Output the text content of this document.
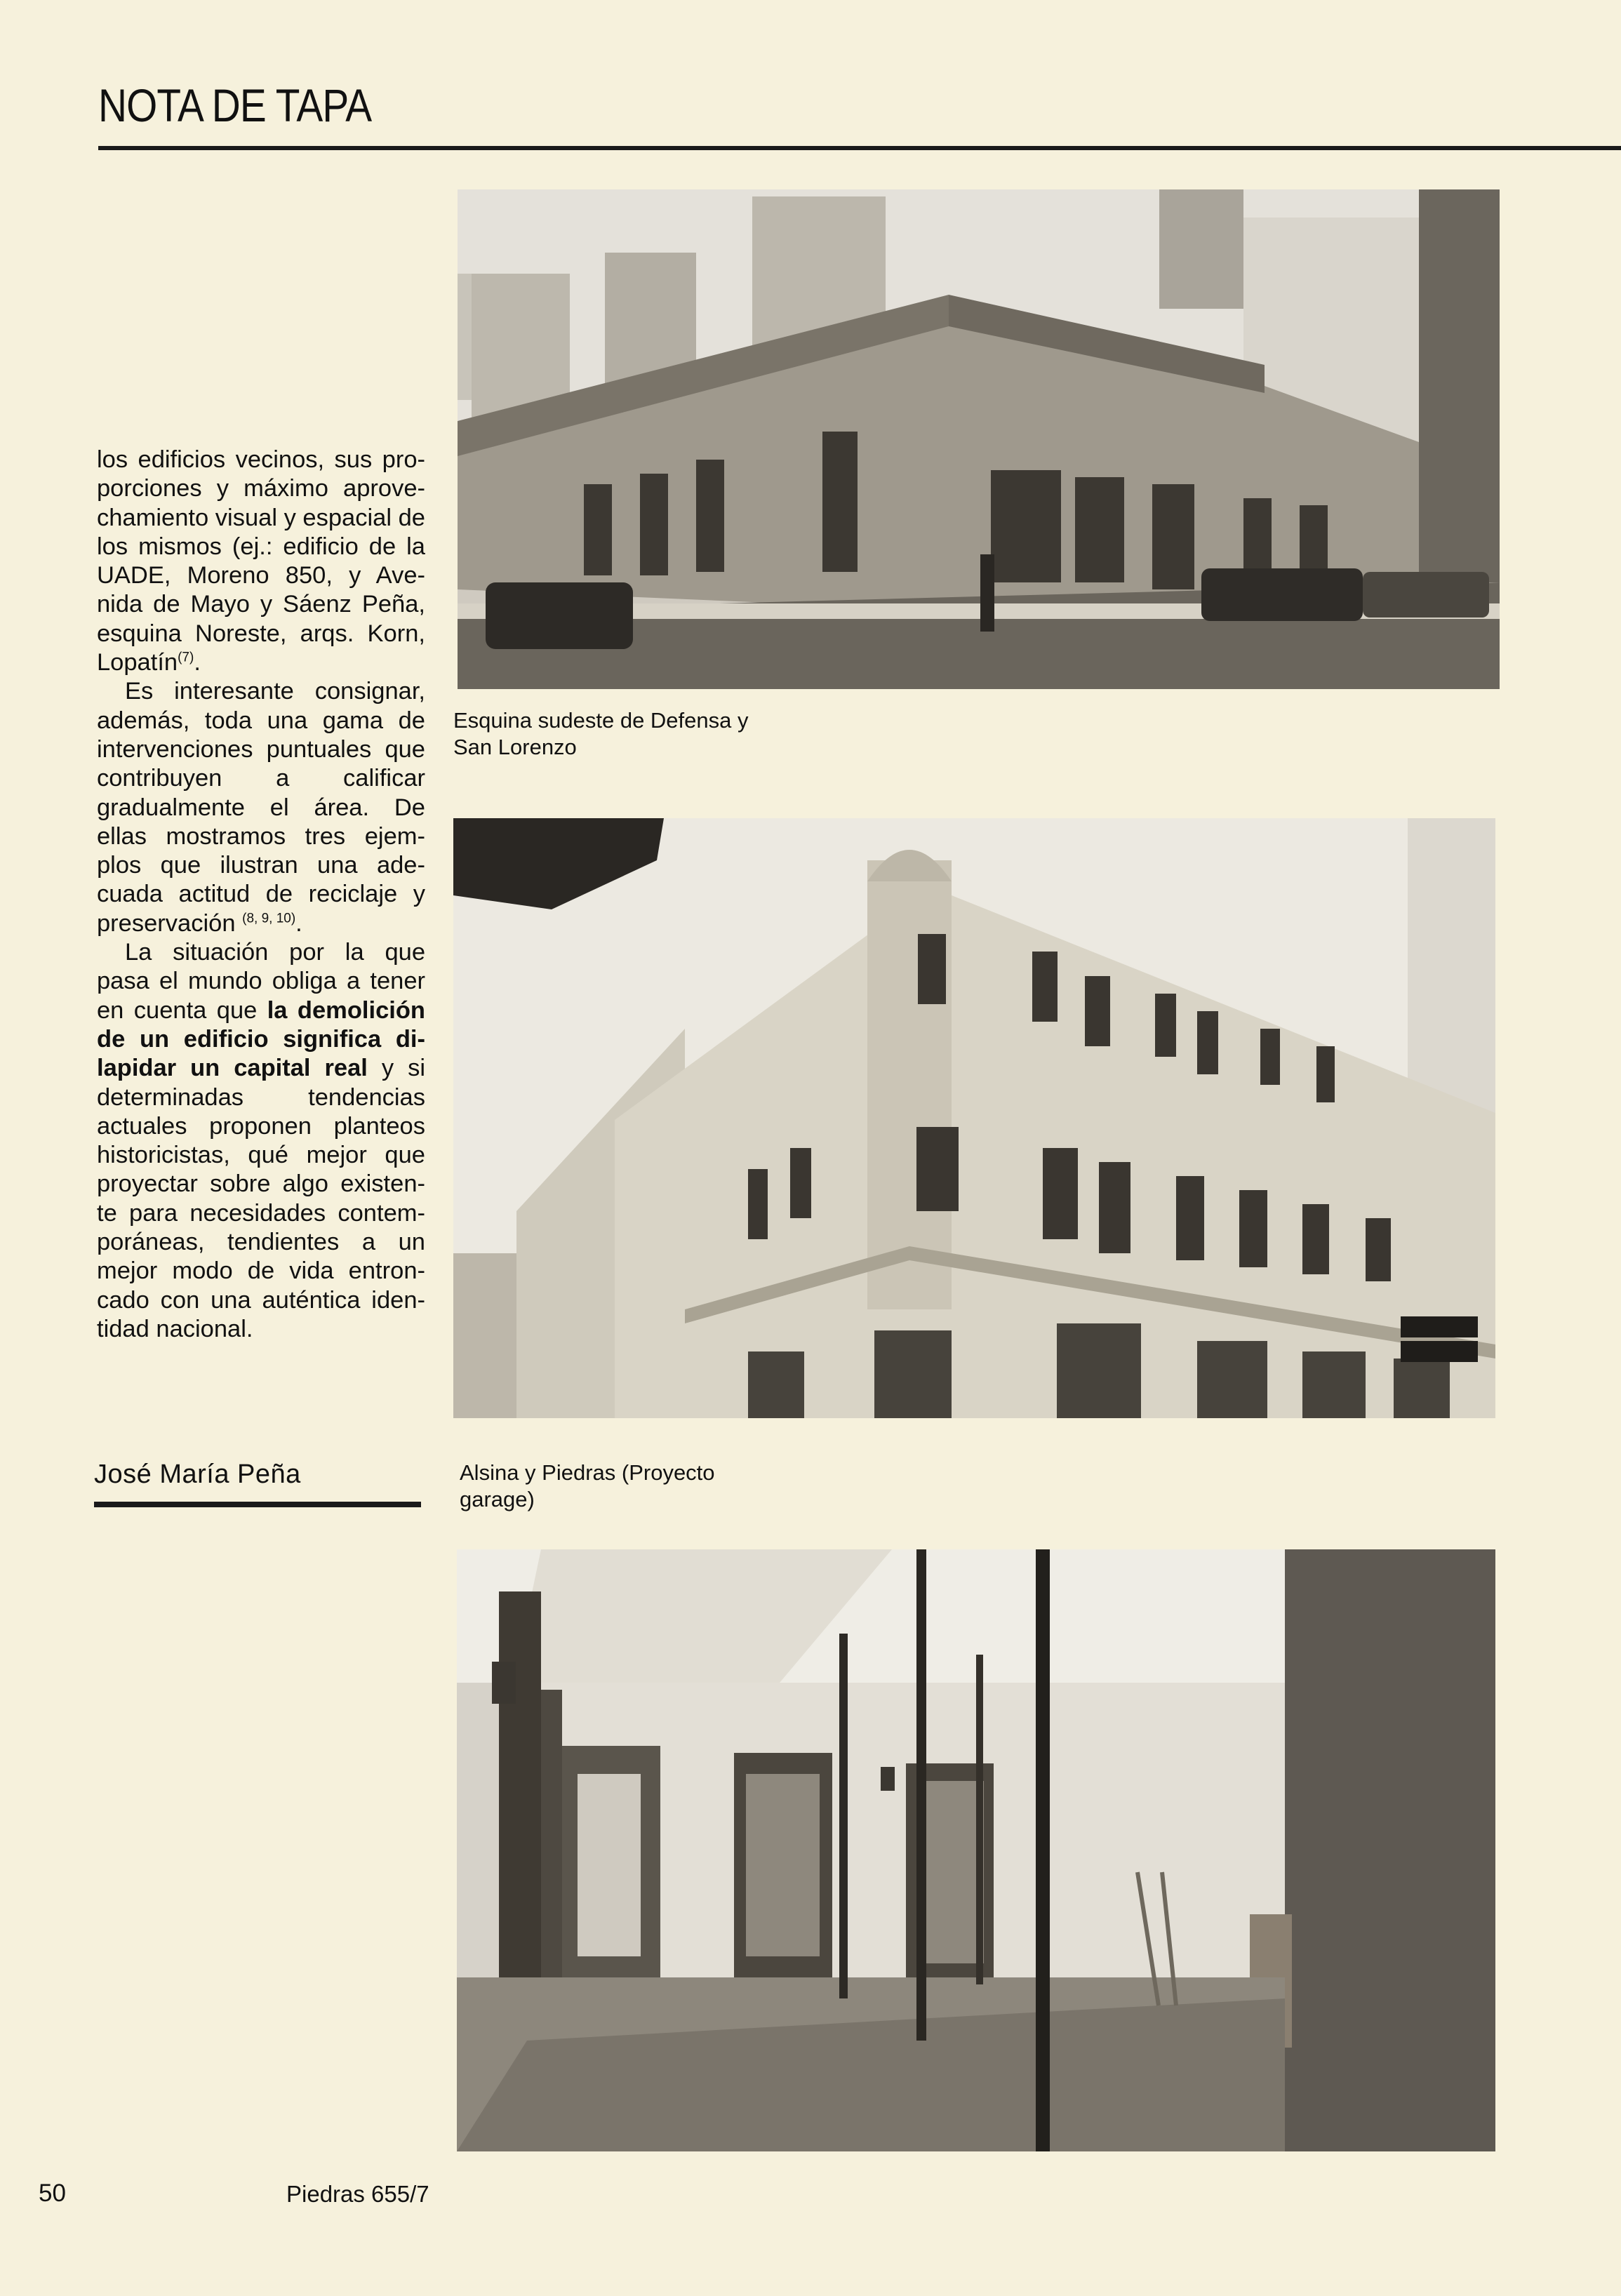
NOTA DE TAPA

los edificios vecinos, sus pro- porciones y máximo aprove- chamiento visual y espacial de los mismos (ej.: edificio de la UADE, Moreno 850, y Ave- nida de Mayo y Sáenz Peña, esquina Noreste, arqs. Korn, Lopatín$^{(7)}$.

Es interesante consignar, además, toda una gama de intervenciones puntuales que contribuyen a calificar gradualmente el área. De ellas mostramos tres ejem- plos que ilustran una ade- cuada actitud de reciclaje y preservación $^{(8, 9, 10)}$.

La situación por la que pasa el mundo obliga a tener en cuenta que la demolición de un edificio significa di- lapidar un capital real y si determinadas tendencias actuales proponen planteos historicistas, qué mejor que proyectar sobre algo existen- te para necesidades contem- poráneas, tendientes a un mejor modo de vida entron- cado con una auténtica iden- tidad nacional.

José María Peña
Esquina sudeste de Defensa y
San Lorenzo
Alsina y Piedras (Proyecto
garage)
50	Piedras 655/7
